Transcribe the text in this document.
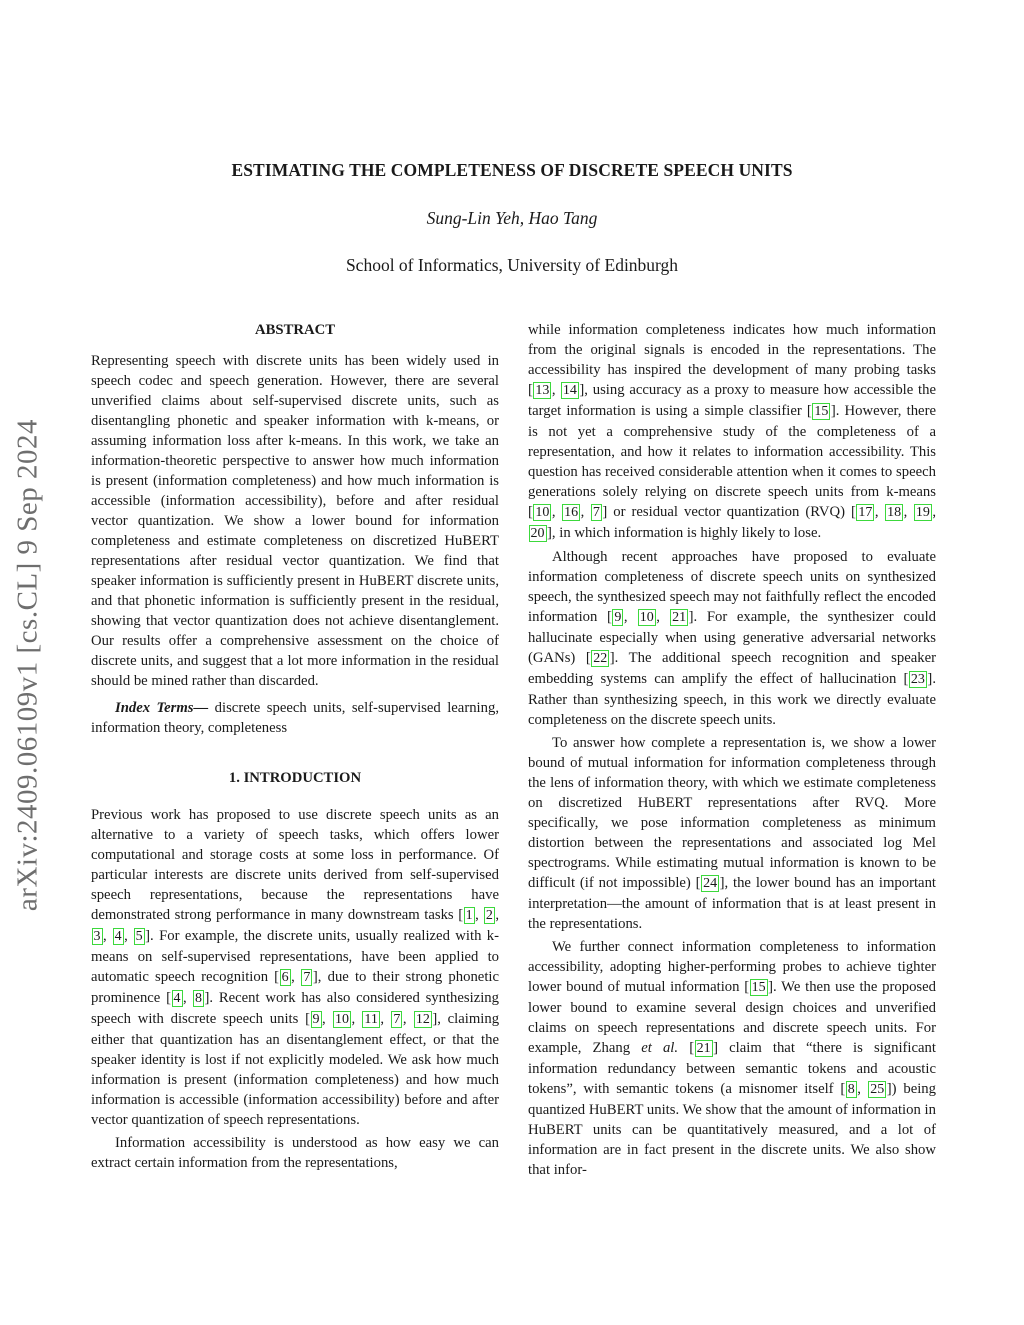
arXiv:2409.06109v1 [cs.CL] 9 Sep 2024
ESTIMATING THE COMPLETENESS OF DISCRETE SPEECH UNITS
Sung-Lin Yeh, Hao Tang
School of Informatics, University of Edinburgh
ABSTRACT

Representing speech with discrete units has been widely used in speech codec and speech generation. However, there are several unverified claims about self-supervised discrete units, such as disentangling phonetic and speaker information with k-means, or assuming information loss after k-means. In this work, we take an information-theoretic perspective to answer how much information is present (information completeness) and how much information is accessible (information accessibility), before and after residual vector quantization. We show a lower bound for information completeness and estimate completeness on discretized HuBERT representations after residual vector quantization. We find that speaker information is sufficiently present in HuBERT discrete units, and that phonetic information is sufficiently present in the residual, showing that vector quantization does not achieve disentanglement. Our results offer a comprehensive assessment on the choice of discrete units, and suggest that a lot more information in the residual should be mined rather than discarded.

Index Terms— discrete speech units, self-supervised learning, information theory, completeness

1. INTRODUCTION

Previous work has proposed to use discrete speech units as an alternative to a variety of speech tasks, which offers lower computational and storage costs at some loss in performance. Of particular interests are discrete units derived from self-supervised speech representations, because the representations have demonstrated strong performance in many downstream tasks [ 1 , 2 , 3 , 4 , 5 ]. For example, the discrete units, usually realized with k-means on self-supervised representations, have been applied to automatic speech recognition [ 6 , 7 ], due to their strong phonetic prominence [ 4 , 8 ]. Recent work has also considered synthesizing speech with discrete speech units [ 9 , 10 , 11 , 7 , 12 ], claiming either that quantization has an disentanglement effect, or that the speaker identity is lost if not explicitly modeled. We ask how much information is present (information completeness) and how much information is accessible (information accessibility) before and after vector quantization of speech representations.

Information accessibility is understood as how easy we can extract certain information from the representations,

while information completeness indicates how much information from the original signals is encoded in the representations. The accessibility has inspired the development of many probing tasks [ 13 , 14 ], using accuracy as a proxy to measure how accessible the target information is using a simple classifier [ 15 ]. However, there is not yet a comprehensive study of the completeness of a representation, and how it relates to information accessibility. This question has received considerable attention when it comes to speech generations solely relying on discrete speech units from k-means [ 10 , 16 , 7 ] or residual vector quantization (RVQ) [ 17 , 18 , 19 , 20 ], in which information is highly likely to lose.

Although recent approaches have proposed to evaluate information completeness of discrete speech units on synthesized speech, the synthesized speech may not faithfully reflect the encoded information [ 9 , 10 , 21 ]. For example, the synthesizer could hallucinate especially when using generative adversarial networks (GANs) [ 22 ]. The additional speech recognition and speaker embedding systems can amplify the effect of hallucination [ 23 ]. Rather than synthesizing speech, in this work we directly evaluate completeness on the discrete speech units.

To answer how complete a representation is, we show a lower bound of mutual information for information completeness through the lens of information theory, with which we estimate completeness on discretized HuBERT representations after RVQ. More specifically, we pose information completeness as minimum distortion between the representations and associated log Mel spectrograms. While estimating mutual information is known to be difficult (if not impossible) [ 24 ], the lower bound has an important interpretation—the amount of information that is at least present in the representations.

We further connect information completeness to information accessibility, adopting higher-performing probes to achieve tighter lower bound of mutual information [ 15 ]. We then use the proposed lower bound to examine several design choices and unverified claims on speech representations and discrete speech units. For example, Zhang et al. [ 21 ] claim that “there is significant information redundancy between semantic tokens and acoustic tokens”, with semantic tokens (a misnomer itself [ 8 , 25 ]) being quantized HuBERT units. We show that the amount of information in HuBERT units can be quantitatively measured, and a lot of information are in fact present in the discrete units. We also show that infor-
